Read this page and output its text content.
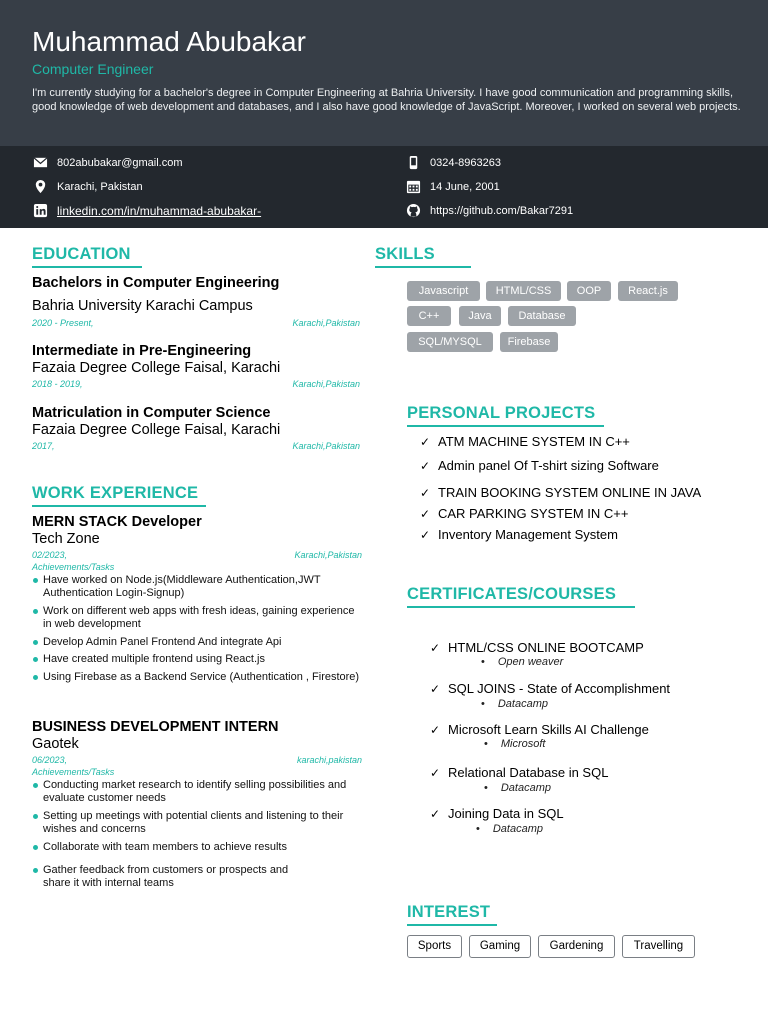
Muhammad Abubakar
Computer Engineer
I'm currently studying for a bachelor's degree in Computer Engineering at Bahria University. I have good communication and programming skills, good knowledge of web development and databases, and I also have good knowledge of JavaScript. Moreover, I worked on several web projects.
802abubakar@gmail.com
Karachi, Pakistan
linkedin.com/in/muhammad-abubakar-
0324-8963263
14 June, 2001
https://github.com/Bakar7291
EDUCATION
Bachelors in Computer Engineering
Bahria University Karachi Campus
2020 - Present,	Karachi,Pakistan
Intermediate in Pre-Engineering
Fazaia Degree College Faisal, Karachi
2018 - 2019,	Karachi,Pakistan
Matriculation in Computer Science
Fazaia Degree College Faisal, Karachi
2017,	Karachi,Pakistan
WORK EXPERIENCE
MERN STACK Developer
Tech Zone
02/2023,	Karachi,Pakistan
Achievements/Tasks
Have worked on Node.js(Middleware Authentication,JWT Authentication Login-Signup)
Work on different web apps with fresh ideas, gaining experience in web development
Develop Admin Panel Frontend And integrate Api
Have created multiple frontend using React.js
Using Firebase as a Backend Service (Authentication , Firestore)
BUSINESS DEVELOPMENT INTERN
Gaotek
06/2023,	karachi,pakistan
Achievements/Tasks
Conducting market research to identify selling possibilities and evaluate customer needs
Setting up meetings with potential clients and listening to their wishes and concerns
Collaborate with team members to achieve results
Gather feedback from customers or prospects and share it with internal teams
SKILLS
Javascript	HTML/CSS	OOP	React.js
C++	Java	Database
SQL/MYSQL	Firebase
PERSONAL PROJECTS
✓ ATM MACHINE SYSTEM IN C++
✓ Admin panel Of T-shirt sizing Software
✓ TRAIN BOOKING SYSTEM ONLINE IN JAVA
✓ CAR PARKING SYSTEM IN C++
✓ Inventory Management System
CERTIFICATES/COURSES
✓ HTML/CSS ONLINE BOOTCAMP
• Open weaver
✓ SQL JOINS - State of Accomplishment
• Datacamp
✓ Microsoft Learn Skills AI Challenge
• Microsoft
✓ Relational Database in SQL
• Datacamp
✓ Joining Data in SQL
• Datacamp
INTEREST
Sports	Gaming	Gardening	Travelling
